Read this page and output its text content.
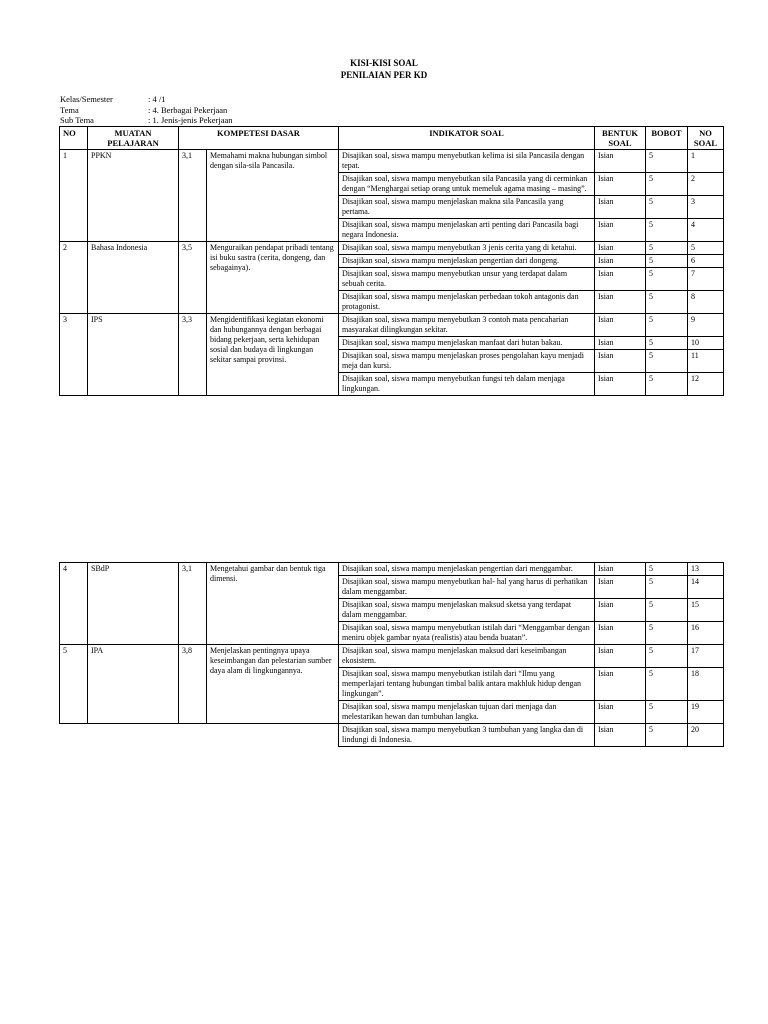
KISI-KISI SOAL
PENILAIAN PER KD
Kelas/Semester	: 4 /1
Tema	: 4. Berbagai Pekerjaan
Sub Tema	: 1. Jenis-jenis Pekerjaan
NO	MUATAN PELAJARAN	KOMPETESI DASAR		INDIKATOR SOAL	BENTUK SOAL	BOBOT	NO SOAL
1	PPKN	3,1	Memahami makna hubungan simbol dengan sila-sila Pancasila.	Disajikan soal, siswa mampu menyebutkan kelima isi sila Pancasila dengan tepat.	Isian	5	1
				Disajikan soal, siswa mampu menyebutkan sila Pancasila yang di cerminkan dengan “Menghargai setiap orang untuk memeluk agama masing – masing”.	Isian	5	2
				Disajikan soal, siswa mampu menjelaskan makna sila Pancasila yang pertama.	Isian	5	3
				Disajikan soal, siswa mampu menjelaskan arti penting dari Pancasila bagi negara Indonesia.	Isian	5	4
2	Bahasa Indonesia	3,5	Menguraikan pendapat pribadi tentang isi buku sastra (cerita, dongeng, dan sebagainya).	Disajikan soal, siswa mampu menyebutkan 3 jenis cerita yang di ketahui.	Isian	5	5
				Disajikan soal, siswa mampu menjelaskan pengertian dari dongeng.	Isian	5	6
				Disajikan soal, siswa mampu menyebutkan unsur yang terdapat dalam sebuah cerita.	Isian	5	7
				Disajikan soal, siswa mampu menjelaskan perbedaan tokoh antagonis dan protagonist.	Isian	5	8
3	IPS	3,3	Mengidentifikasi kegiatan ekonomi dan hubungannya dengan berbagai bidang pekerjaan, serta kehidupan sosial dan budaya di lingkungan sekitar sampai provinsi.	Disajikan soal, siswa mampu menyebutkan 3 contoh mata pencaharian masyarakat dilingkungan sekitar.	Isian	5	9
				Disajikan soal, siswa mampu menjelaskan manfaat dari hutan bakau.	Isian	5	10
				Disajikan soal, siswa mampu menjelaskan proses pengolahan kayu menjadi meja dan kursi.	Isian	5	11
				Disajikan soal, siswa mampu menyebutkan fungsi teh dalam menjaga lingkungan.	Isian	5	12
4	SBdP	3,1	Mengetahui gambar dan bentuk tiga dimensi.	Disajikan soal, siswa mampu menjelaskan pengertian dari menggambar.	Isian	5	13
				Disajikan soal, siswa mampu menyebutkan hal- hal yang harus di perhatikan dalam menggambar.	Isian	5	14
				Disajikan soal, siswa mampu menjelaskan maksud sketsa yang terdapat dalam menggambar.	Isian	5	15
				Disajikan soal, siswa mampu menyebutkan istilah dari “Menggambar dengan meniru objek gambar nyata (realistis) atau benda buatan”.	Isian	5	16
5	IPA	3,8	Menjelaskan pentingnya upaya keseimbangan dan pelestarian sumber daya alam di lingkungannya.	Disajikan soal, siswa mampu menjelaskan maksud dari keseimbangan ekosistem.	Isian	5	17
				Disajikan soal, siswa mampu menyebutkan istilah dari “Ilmu yang memperlajari tentang hubungan timbal balik antara makhluk hidup dengan lingkungan”.	Isian	5	18
				Disajikan soal, siswa mampu menjelaskan tujuan dari menjaga dan melestarikan hewan dan tumbuhan langka.	Isian	5	19
				Disajikan soal, siswa mampu menyebutkan 3 tumbuhan yang langka dan di lindungi di Indonesia.	Isian	5	20
